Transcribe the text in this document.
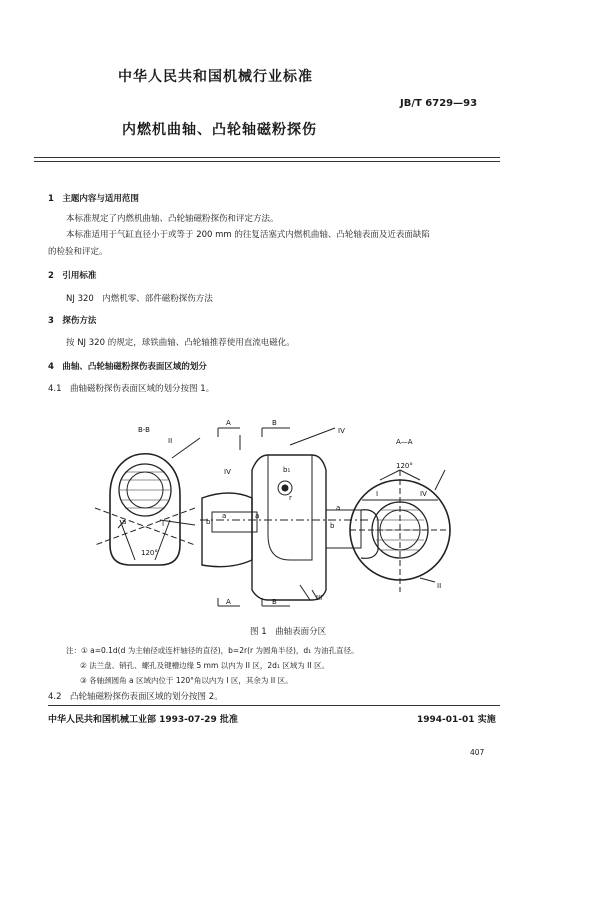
中华人民共和国机械行业标准
JB/T 6729—93
内燃机曲轴、凸轮轴磁粉探伤
1　主题内容与适用范围
本标准规定了内燃机曲轴、凸轮轴磁粉探伤和评定方法。
本标准适用于气缸直径小于或等于 200 mm 的往复活塞式内燃机曲轴、凸轮轴表面及近表面缺陷
的检验和评定。
2　引用标准
NJ 320　内燃机零、部件磁粉探伤方法
3　探伤方法
按 NJ 320 的规定，球铁曲轴、凸轮轴推荐使用直流电磁化。
4　曲轴、凸轮轴磁粉探伤表面区域的划分
4.1　曲轴磁粉探伤表面区域的划分按图 1。
B-B
II
120°
I
a
A	B
A	B
IV
IV
b₁
r
b
a	a
a
b
III
A—A
120°
I	IV
II
图 1　曲轴表面分区
注：① a=0.1d(d 为主轴径或连杆轴径的直径)，b=2r(r 为圆角半径)，d₁ 为油孔直径。
② 法兰盘、销孔、螺孔及键槽边缘 5 mm 以内为 II 区，2d₁ 区域为 II 区。
③ 各轴颈圆角 a 区域内位于 120°角以内为 I 区，其余为 II 区。
4.2　凸轮轴磁粉探伤表面区域的划分按图 2。
中华人民共和国机械工业部 1993-07-29 批准	1994-01-01 实施
407
